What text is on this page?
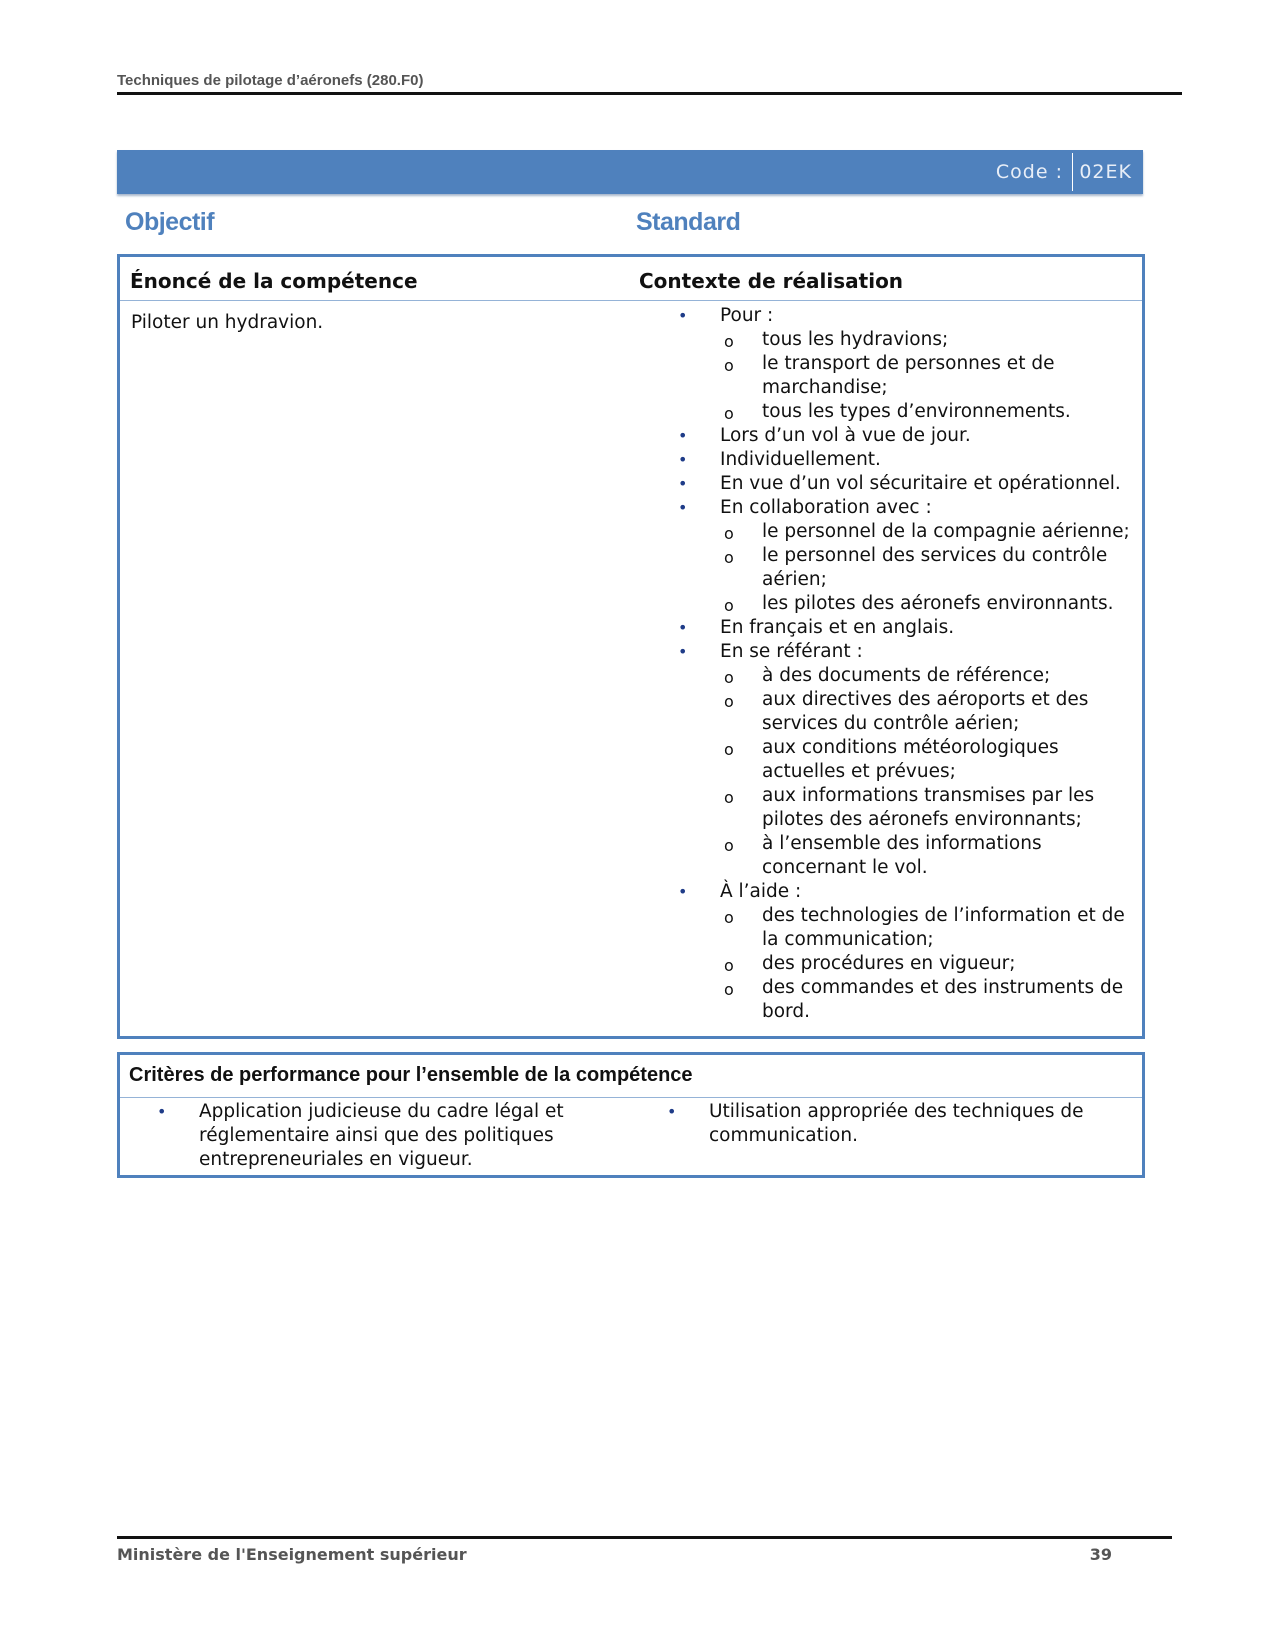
Techniques de pilotage d’aéronefs (280.F0)
Code : 02EK
Objectif	Standard
Énoncé de la compétence	Contexte de réalisation
Piloter un hydravion.	• Pour :
o tous les hydravions;
o le transport de personnes et de marchandise;
o tous les types d’environnements.
• Lors d’un vol à vue de jour.
• Individuellement.
• En vue d’un vol sécuritaire et opérationnel.
• En collaboration avec :
o le personnel de la compagnie aérienne;
o le personnel des services du contrôle aérien;
o les pilotes des aéronefs environnants.
• En français et en anglais.
• En se référant :
o à des documents de référence;
o aux directives des aéroports et des services du contrôle aérien;
o aux conditions météorologiques actuelles et prévues;
o aux informations transmises par les pilotes des aéronefs environnants;
o à l’ensemble des informations concernant le vol.
• À l’aide :
o des technologies de l’information et de la communication;
o des procédures en vigueur;
o des commandes et des instruments de bord.
Critères de performance pour l’ensemble de la compétence
• Application judicieuse du cadre légal et réglementaire ainsi que des politiques entrepreneuriales en vigueur.
• Utilisation appropriée des techniques de communication.
Ministère de l'Enseignement supérieur	39
